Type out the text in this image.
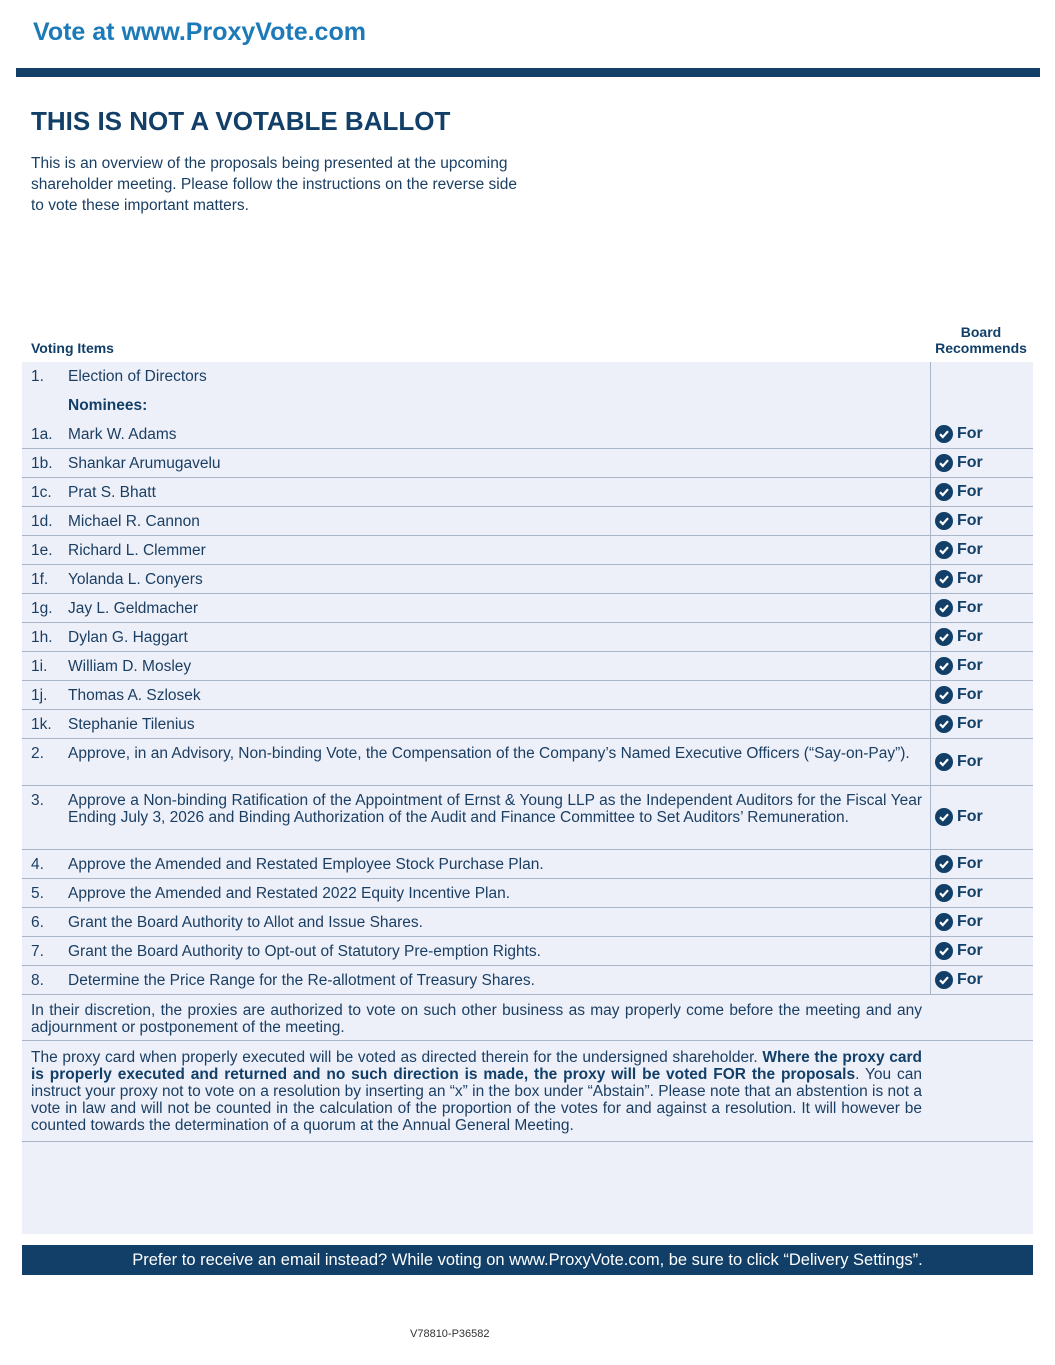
Vote at www.ProxyVote.com
THIS IS NOT A VOTABLE BALLOT
This is an overview of the proposals being presented at the upcoming shareholder meeting. Please follow the instructions on the reverse side to vote these important matters.
Voting Items
Board
Recommends
1. Election of Directors
Nominees:
1a. Mark W. Adams	For
1b. Shankar Arumugavelu	For
1c. Prat S. Bhatt	For
1d. Michael R. Cannon	For
1e. Richard L. Clemmer	For
1f. Yolanda L. Conyers	For
1g. Jay L. Geldmacher	For
1h. Dylan G. Haggart	For
1i. William D. Mosley	For
1j. Thomas A. Szlosek	For
1k. Stephanie Tilenius	For
2. Approve, in an Advisory, Non-binding Vote, the Compensation of the Company’s Named Executive Officers (“Say-on-Pay”).	For
3. Approve a Non-binding Ratification of the Appointment of Ernst & Young LLP as the Independent Auditors for the Fiscal Year Ending July 3, 2026 and Binding Authorization of the Audit and Finance Committee to Set Auditors’ Remuneration.	For
4. Approve the Amended and Restated Employee Stock Purchase Plan.	For
5. Approve the Amended and Restated 2022 Equity Incentive Plan.	For
6. Grant the Board Authority to Allot and Issue Shares.	For
7. Grant the Board Authority to Opt-out of Statutory Pre-emption Rights.	For
8. Determine the Price Range for the Re-allotment of Treasury Shares.	For
In their discretion, the proxies are authorized to vote on such other business as may properly come before the meeting and any adjournment or postponement of the meeting.
The proxy card when properly executed will be voted as directed therein for the undersigned shareholder. Where the proxy card is properly executed and returned and no such direction is made, the proxy will be voted FOR the proposals. You can instruct your proxy not to vote on a resolution by inserting an “x” in the box under “Abstain”. Please note that an abstention is not a vote in law and will not be counted in the calculation of the proportion of the votes for and against a resolution. It will however be counted towards the determination of a quorum at the Annual General Meeting.
Prefer to receive an email instead? While voting on www.ProxyVote.com, be sure to click “Delivery Settings”.
V78810-P36582
